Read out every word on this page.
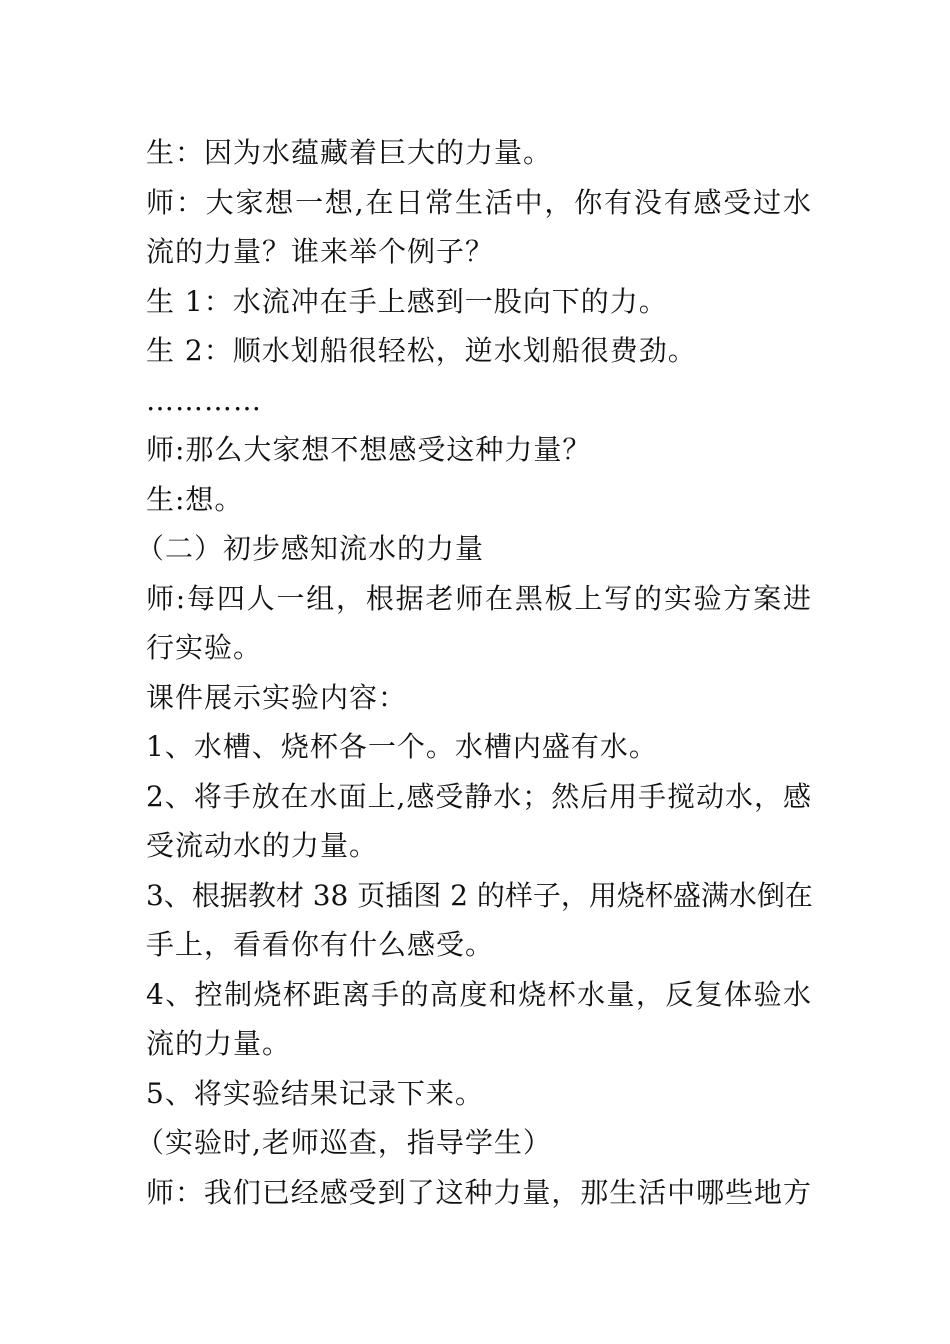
生：因为水蕴藏着巨大的力量。
师：大家想一想,在日常生活中，你有没有感受过水
流的力量？谁来举个例子？
生 1：水流冲在手上感到一股向下的力。
生 2：顺水划船很轻松，逆水划船很费劲。
…………
师:那么大家想不想感受这种力量？
生:想。
（二）初步感知流水的力量
师:每四人一组，根据老师在黑板上写的实验方案进
行实验。
课件展示实验内容：
1、水槽、烧杯各一个。水槽内盛有水。
2、将手放在水面上,感受静水；然后用手搅动水，感
受流动水的力量。
3、根据教材 38 页插图 2 的样子，用烧杯盛满水倒在
手上，看看你有什么感受。
4、控制烧杯距离手的高度和烧杯水量，反复体验水
流的力量。
5、将实验结果记录下来。
（实验时,老师巡查，指导学生）
师：我们已经感受到了这种力量，那生活中哪些地方
